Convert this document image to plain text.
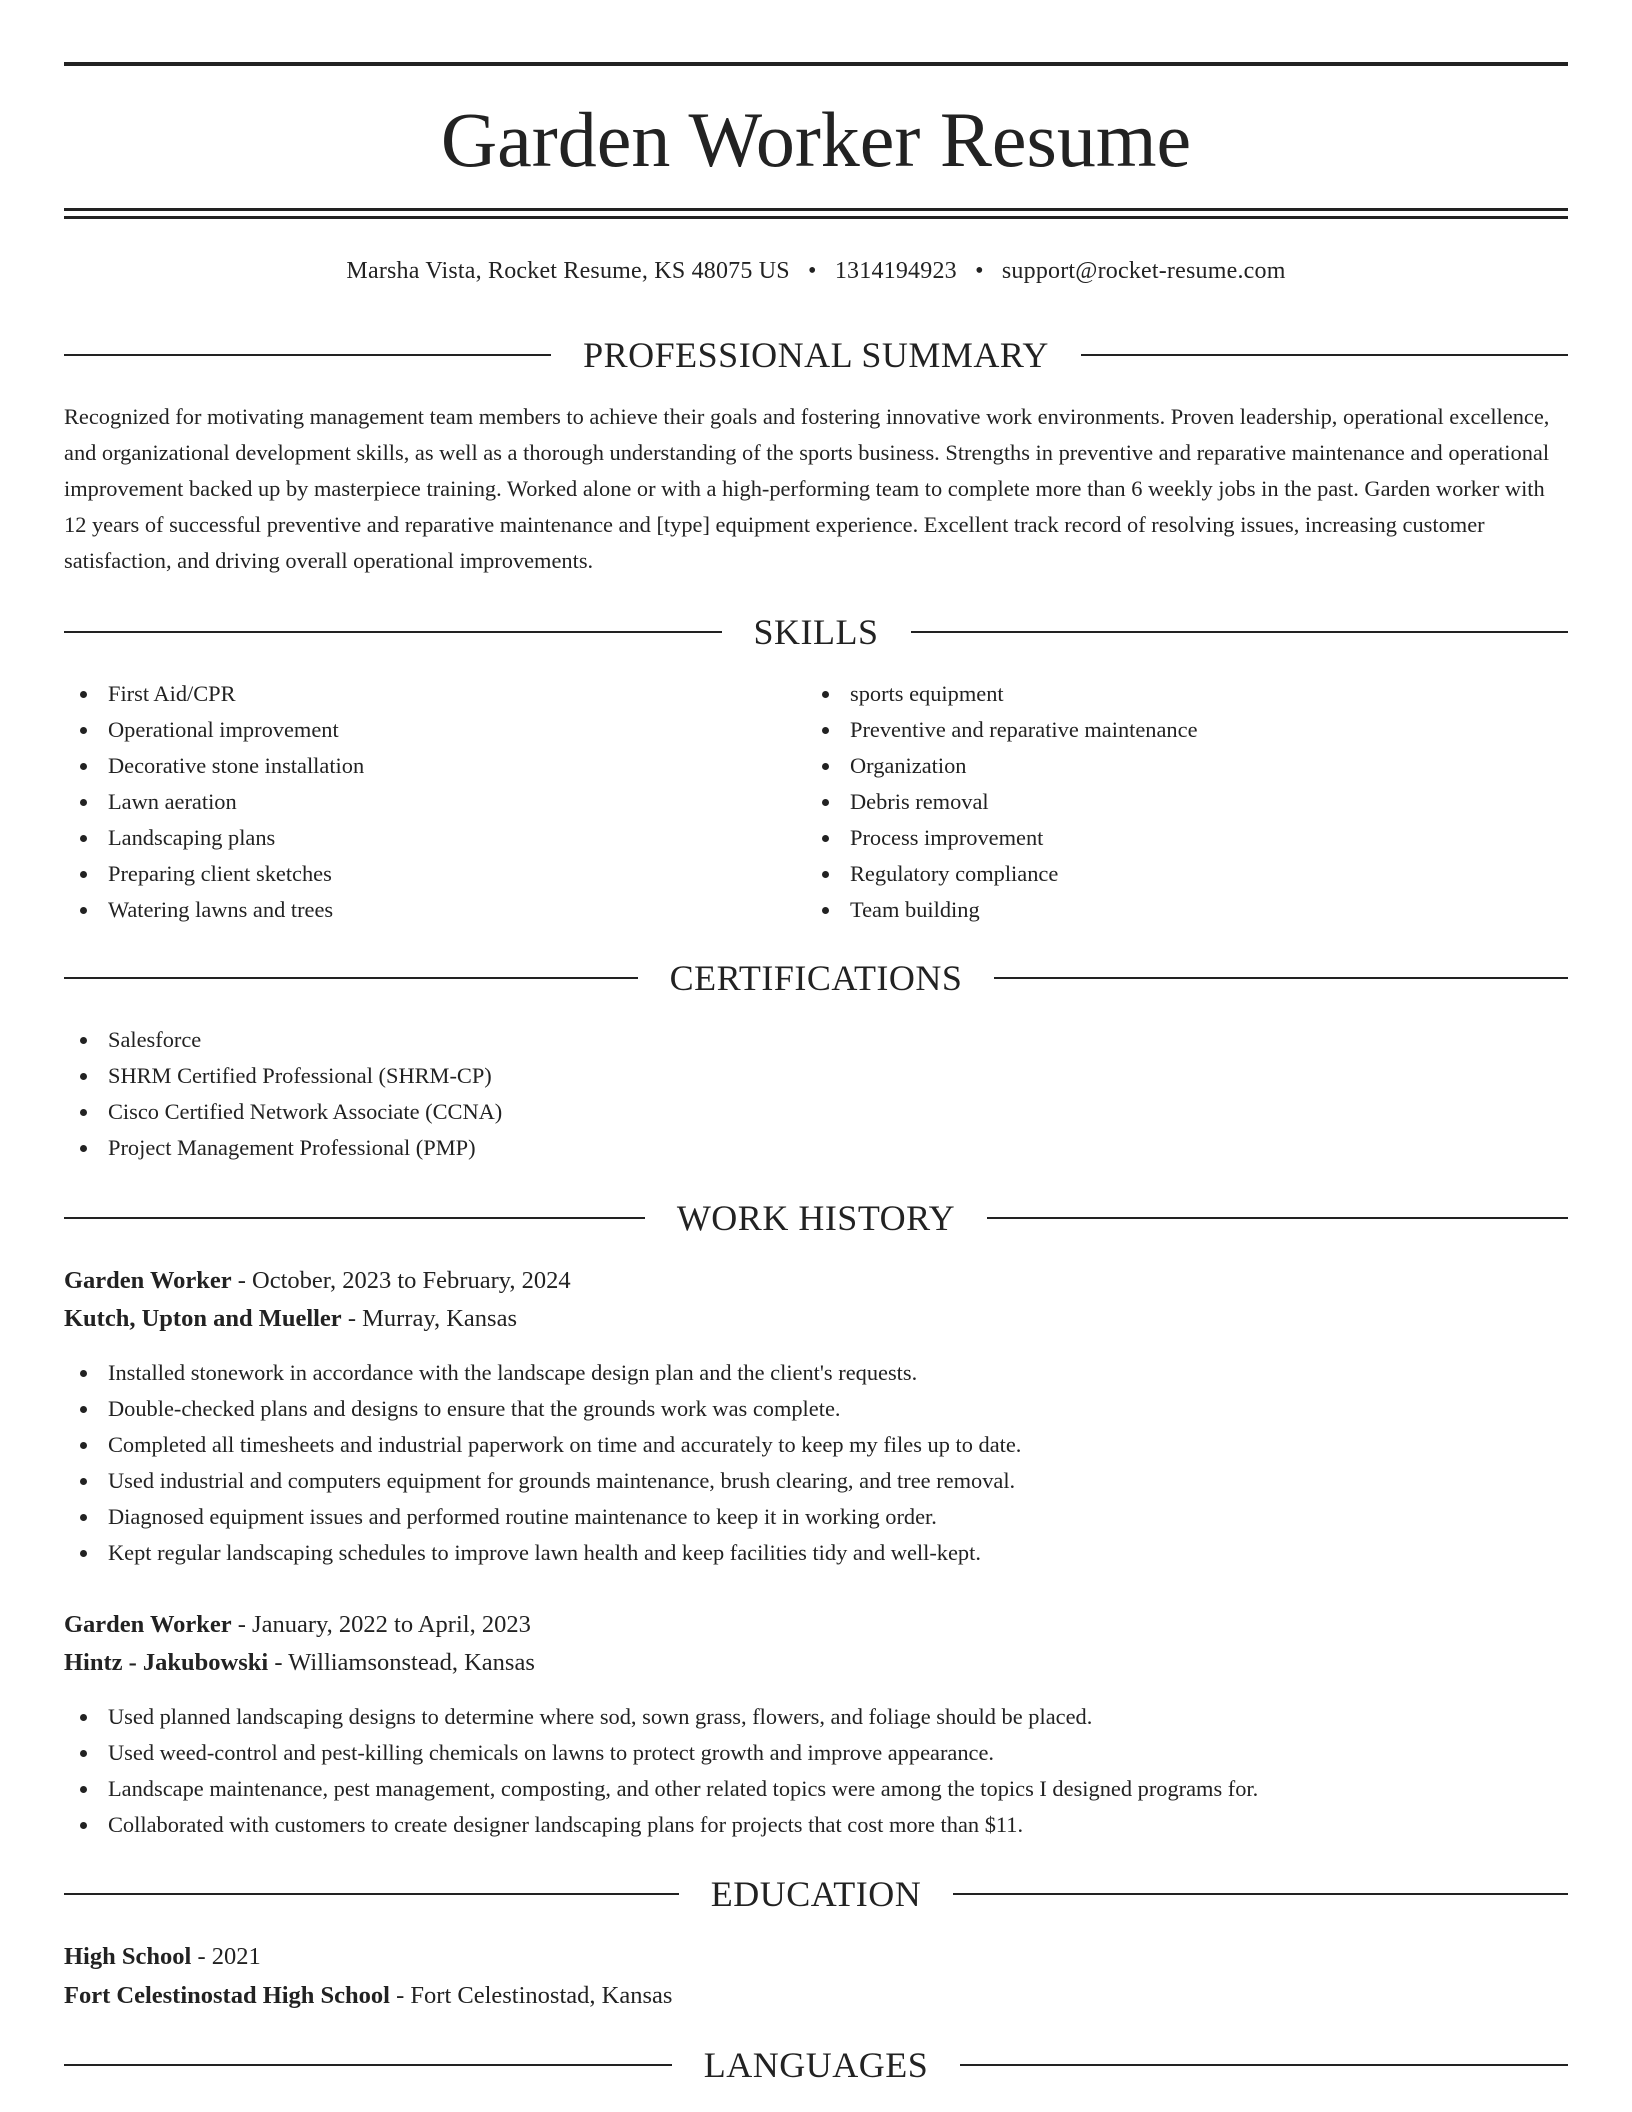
Garden Worker Resume
Marsha Vista, Rocket Resume, KS 48075 US • 1314194923 • support@rocket-resume.com
PROFESSIONAL SUMMARY

Recognized for motivating management team members to achieve their goals and fostering innovative work environments. Proven leadership, operational excellence, and organizational development skills, as well as a thorough understanding of the sports business. Strengths in preventive and reparative maintenance and operational improvement backed up by masterpiece training. Worked alone or with a high-performing team to complete more than 6 weekly jobs in the past. Garden worker with 12 years of successful preventive and reparative maintenance and [type] equipment experience. Excellent track record of resolving issues, increasing customer satisfaction, and driving overall operational improvements.

SKILLS
First Aid/CPR
Operational improvement
Decorative stone installation
Lawn aeration
Landscaping plans
Preparing client sketches
Watering lawns and trees
sports equipment
Preventive and reparative maintenance
Organization
Debris removal
Process improvement
Regulatory compliance
Team building
CERTIFICATIONS
Salesforce
SHRM Certified Professional (SHRM-CP)
Cisco Certified Network Associate (CCNA)
Project Management Professional (PMP)
WORK HISTORY
Garden Worker - October, 2023 to February, 2024
Kutch, Upton and Mueller - Murray, Kansas
Installed stonework in accordance with the landscape design plan and the client's requests.
Double-checked plans and designs to ensure that the grounds work was complete.
Completed all timesheets and industrial paperwork on time and accurately to keep my files up to date.
Used industrial and computers equipment for grounds maintenance, brush clearing, and tree removal.
Diagnosed equipment issues and performed routine maintenance to keep it in working order.
Kept regular landscaping schedules to improve lawn health and keep facilities tidy and well-kept.
Garden Worker - January, 2022 to April, 2023
Hintz - Jakubowski - Williamsonstead, Kansas
Used planned landscaping designs to determine where sod, sown grass, flowers, and foliage should be placed.
Used weed-control and pest-killing chemicals on lawns to protect growth and improve appearance.
Landscape maintenance, pest management, composting, and other related topics were among the topics I designed programs for.
Collaborated with customers to create designer landscaping plans for projects that cost more than $11.
EDUCATION
High School - 2021
Fort Celestinostad High School - Fort Celestinostad, Kansas
LANGUAGES
